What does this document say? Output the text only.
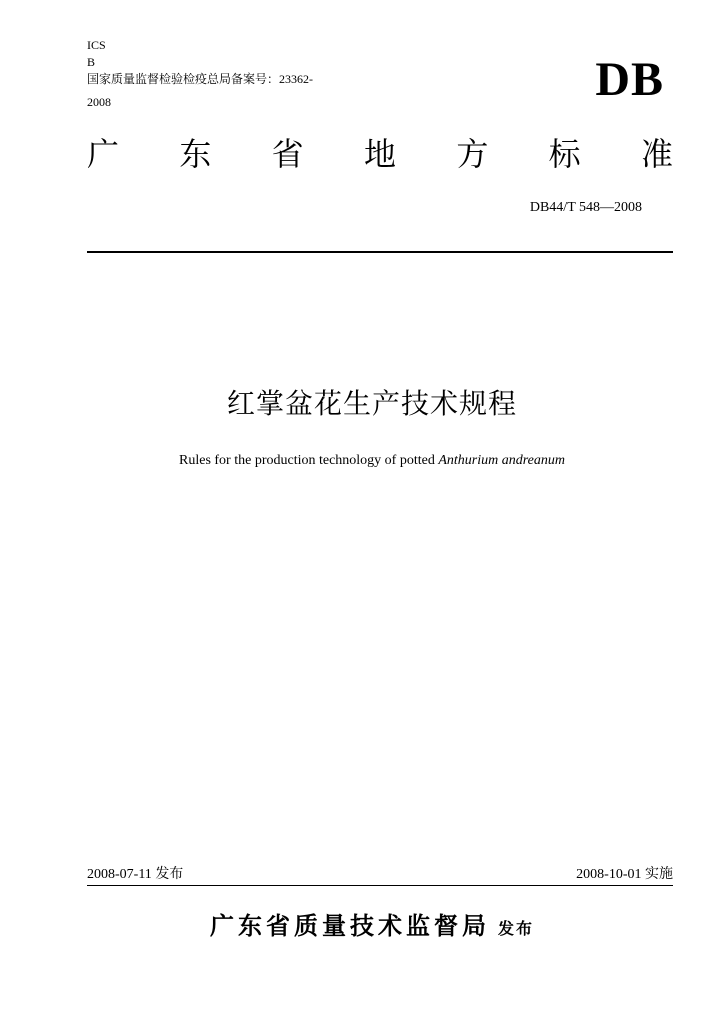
ICS
B
国家质量监督检验检疫总局备案号：23362-
2008	DB
广 东 省 地 方 标 准
DB44/T 548—2008
红掌盆花生产技术规程
Rules for the production technology of potted Anthurium andreanum
2008-07-11 发布	2008-10-01 实施
广东省质量技术监督局 发布
